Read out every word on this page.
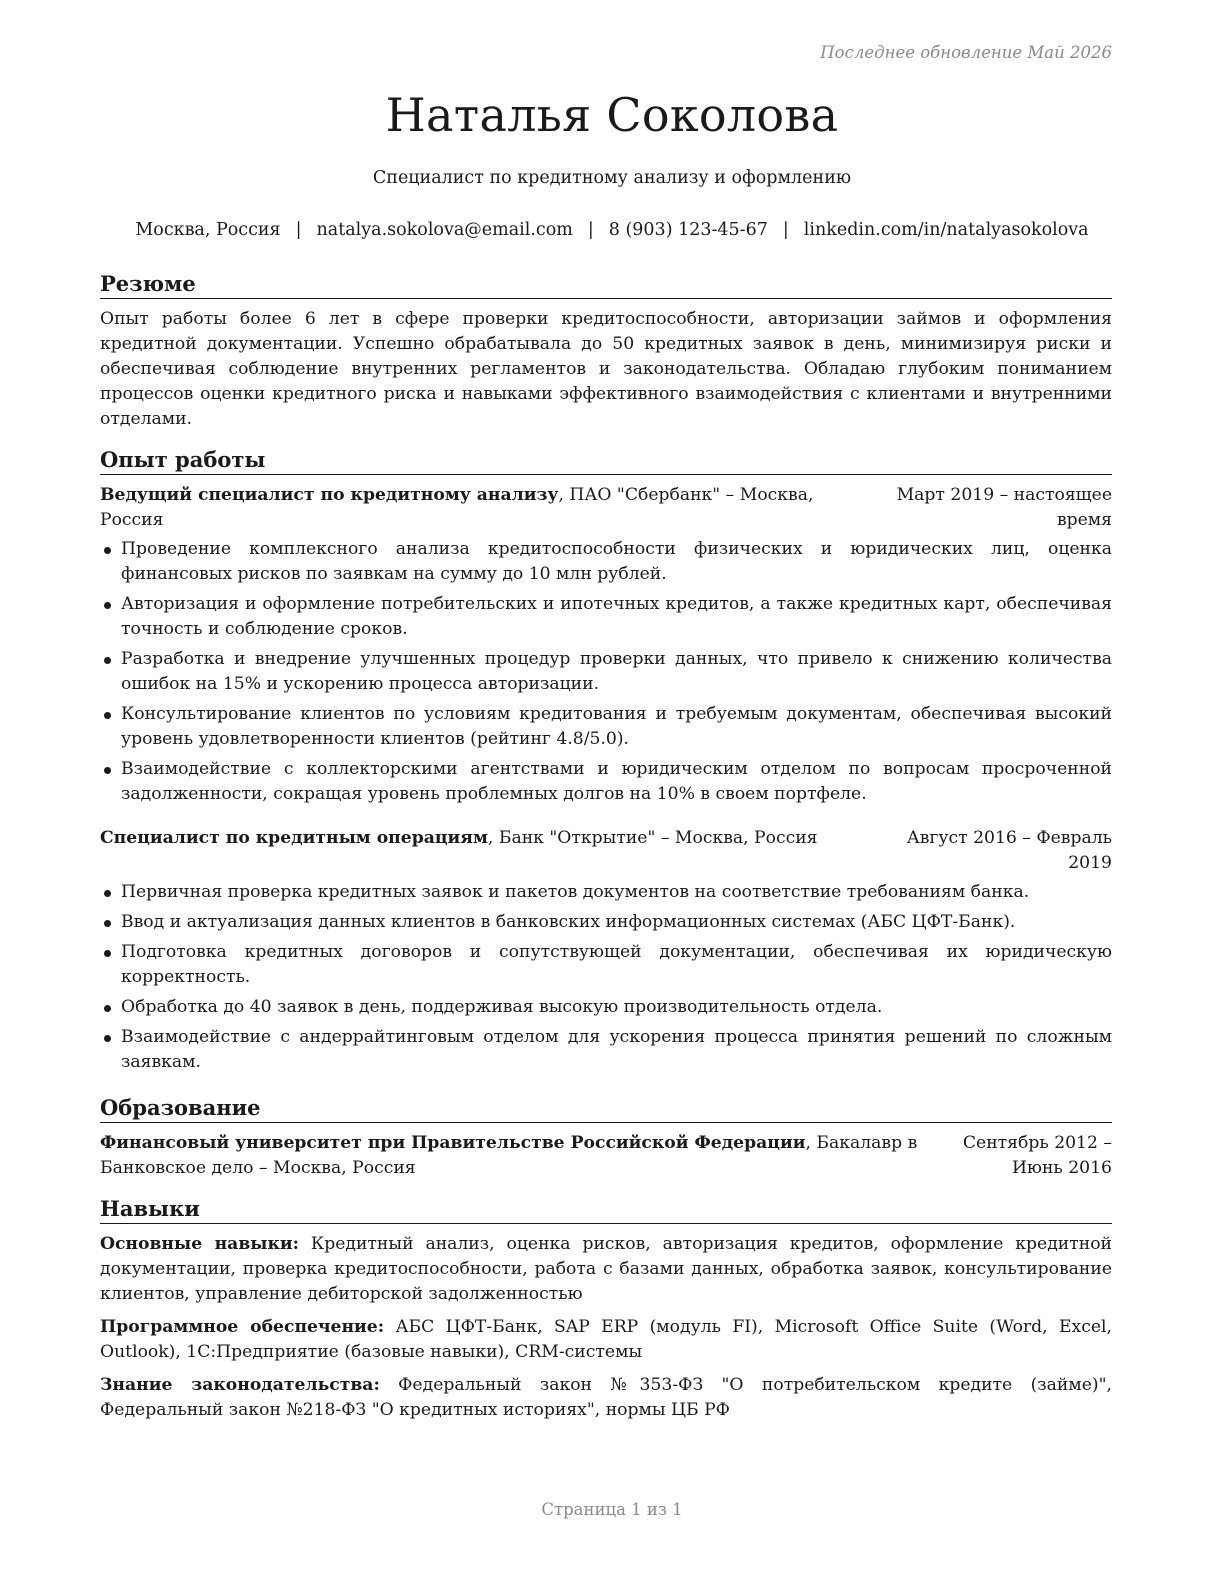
Последнее обновление Май 2026
Наталья Соколова
Специалист по кредитному анализу и оформлению
Москва, Россия | natalya.sokolova@email.com | 8 (903) 123-45-67 | linkedin.com/in/natalyasokolova
Резюме
Опыт работы более 6 лет в сфере проверки кредитоспособности, авторизации займов и оформления кредитной документации. Успешно обрабатывала до 50 кредитных заявок в день, минимизируя риски и обеспечивая соблюдение внутренних регламентов и законодательства. Обладаю глубоким пониманием процессов оценки кредитного риска и навыками эффективного взаимодействия с клиентами и внутренними отделами.
Опыт работы
Ведущий специалист по кредитному анализу, ПАО "Сбербанк" – Москва, Россия
Март 2019 – настоящее время
Проведение комплексного анализа кредитоспособности физических и юридических лиц, оценка финансовых рисков по заявкам на сумму до 10 млн рублей.
Авторизация и оформление потребительских и ипотечных кредитов, а также кредитных карт, обеспечивая точность и соблюдение сроков.
Разработка и внедрение улучшенных процедур проверки данных, что привело к снижению количества ошибок на 15% и ускорению процесса авторизации.
Консультирование клиентов по условиям кредитования и требуемым документам, обеспечивая высокий уровень удовлетворенности клиентов (рейтинг 4.8/5.0).
Взаимодействие с коллекторскими агентствами и юридическим отделом по вопросам просроченной задолженности, сокращая уровень проблемных долгов на 10% в своем портфеле.
Специалист по кредитным операциям, Банк "Открытие" – Москва, Россия	Август 2016 – Февраль 2019
Первичная проверка кредитных заявок и пакетов документов на соответствие требованиям банка.
Ввод и актуализация данных клиентов в банковских информационных системах (АБС ЦФТ-Банк).
Подготовка кредитных договоров и сопутствующей документации, обеспечивая их юридическую корректность.
Обработка до 40 заявок в день, поддерживая высокую производительность отдела.
Взаимодействие с андеррайтинговым отделом для ускорения процесса принятия решений по сложным заявкам.
Образование
Финансовый университет при Правительстве Российской Федерации, Бакалавр в Банковское дело – Москва, Россия
Сентябрь 2012 – Июнь 2016
Навыки
Основные навыки: Кредитный анализ, оценка рисков, авторизация кредитов, оформление кредитной документации, проверка кредитоспособности, работа с базами данных, обработка заявок, консультирование клиентов, управление дебиторской задолженностью
Программное обеспечение: АБС ЦФТ-Банк, SAP ERP (модуль FI), Microsoft Office Suite (Word, Excel, Outlook), 1С:Предприятие (базовые навыки), CRM-системы
Знание законодательства: Федеральный закон №353-ФЗ "О потребительском кредите (займе)", Федеральный закон №218-ФЗ "О кредитных историях", нормы ЦБ РФ
Страница 1 из 1
